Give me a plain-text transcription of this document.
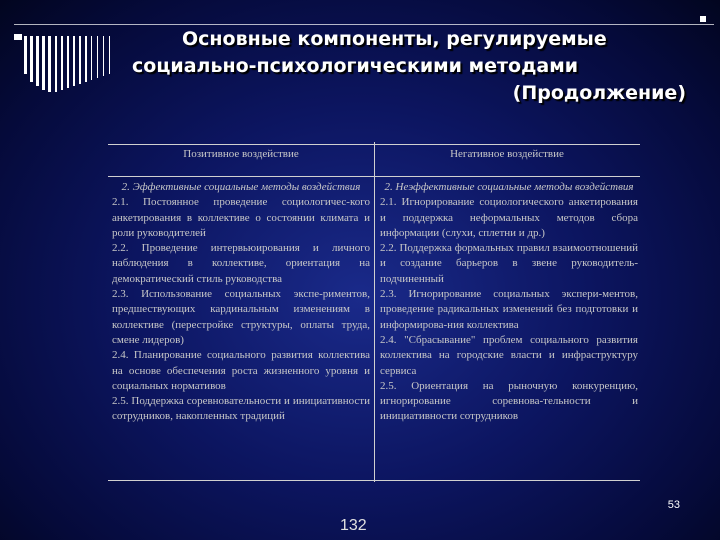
Основные компоненты, регулируемые
социально-психологическими методами
(Продолжение)
Позитивное воздействие	Негативное воздействие
2. Эффективные социальные методы воздействия

2.1. Постоянное проведение социологичес-кого анкетирования в коллективе о состоянии климата и роли руководителей

2.2. Проведение интервьюирования и личного наблюдения в коллективе, ориентация на демократический стиль руководства

2.3. Использование социальных экспе-риментов, предшествующих кардинальным изменениям в коллективе (перестройке структуры, оплаты труда, смене лидеров)

2.4. Планирование социального развития коллектива на основе обеспечения роста жизненного уровня и социальных нормативов

2.5. Поддержка соревновательности и инициативности сотрудников, накопленных традиций

2. Неэффективные социальные методы воздействия

2.1. Игнорирование социологического анкетирования и поддержка неформальных методов сбора информации (слухи, сплетни и др.)

2.2. Поддержка формальных правил взаимоотношений и создание барьеров в звене руководитель-подчиненный

2.3. Игнорирование социальных экспери-ментов, проведение радикальных изменений без подготовки и информирова-ния коллектива

2.4. "Сбрасывание" проблем социального развития коллектива на городские власти и инфраструктуру сервиса

2.5. Ориентация на рыночную конкуренцию, игнорирование соревнова-тельности и инициативности сотрудников

53
132
